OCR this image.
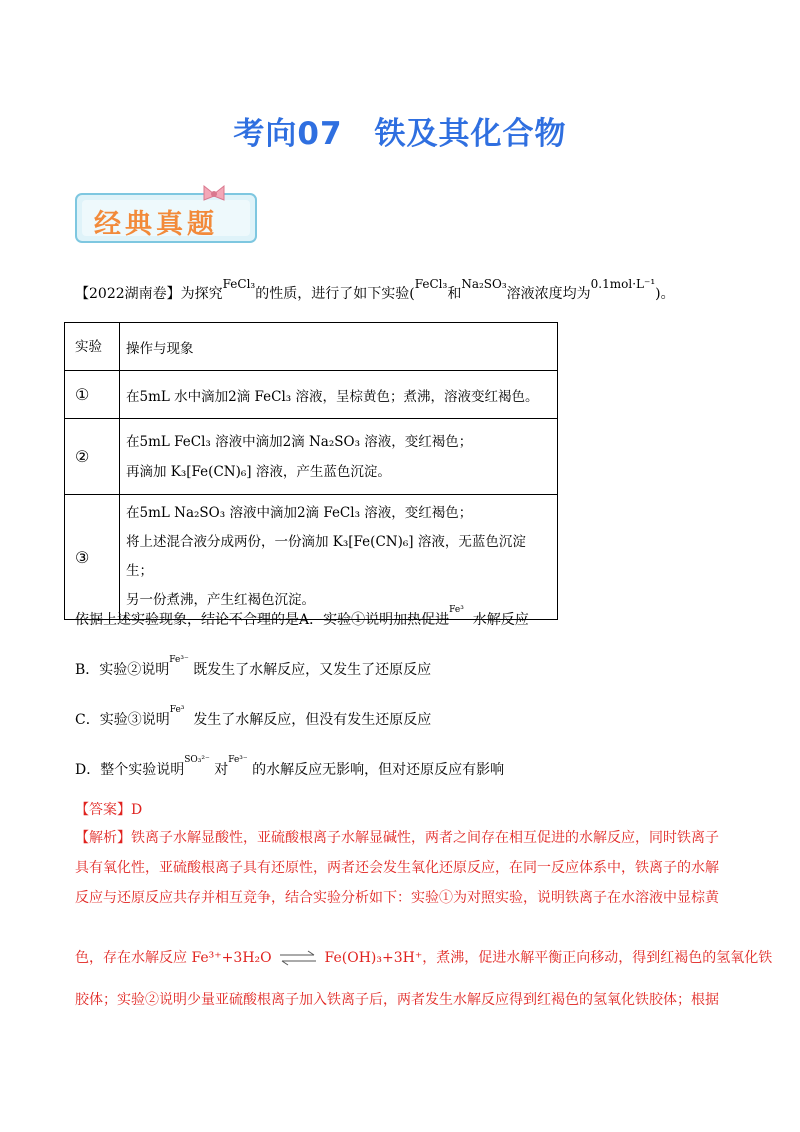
考向07　铁及其化合物
经典真题
【2022湖南卷】为探究FeCl₃的性质，进行了如下实验(FeCl₃和Na₂SO₃溶液浓度均为0.1mol·L⁻¹)。
实验	操作与现象
①	在5mL 水中滴加2滴 FeCl₃ 溶液，呈棕黄色；煮沸，溶液变红褐色。

②	在5mL FeCl₃ 溶液中滴加2滴 Na₂SO₃ 溶液，变红褐色；
再滴加 K₃[Fe(CN)₆] 溶液，产生蓝色沉淀。

③	在5mL Na₂SO₃ 溶液中滴加2滴 FeCl₃ 溶液，变红褐色；
将上述混合液分成两份，一份滴加 K₃[Fe(CN)₆] 溶液，无蓝色沉淀生；
另一份煮沸，产生红褐色沉淀。
依据上述实验现象，结论不合理的是A．实验①说明加热促进$^{Fe^3}$  水解反应
B．实验②说明$^{Fe^{3-}}$ 既发生了水解反应，又发生了还原反应
C．实验③说明$^{Fe^3}$  发生了水解反应，但没有发生还原反应
D．整个实验说明$^{SO_3^{2-}}$ 对$^{Fe^{3-}}$ 的水解反应无影响，但对还原反应有影响
【答案】D
【解析】铁离子水解显酸性，亚硫酸根离子水解显碱性，两者之间存在相互促进的水解反应，同时铁离子具有氧化性，亚硫酸根离子具有还原性，两者还会发生氧化还原反应，在同一反应体系中，铁离子的水解反应与还原反应共存并相互竞争，结合实验分析如下：实验①为对照实验，说明铁离子在水溶液中显棕黄
色，存在水解反应 Fe³⁺+3H₂O ⇌ Fe(OH)₃+3H⁺，煮沸，促进水解平衡正向移动，得到红褐色的氢氧化铁
胶体；实验②说明少量亚硫酸根离子加入铁离子后，两者发生水解反应得到红褐色的氢氧化铁胶体；根据
